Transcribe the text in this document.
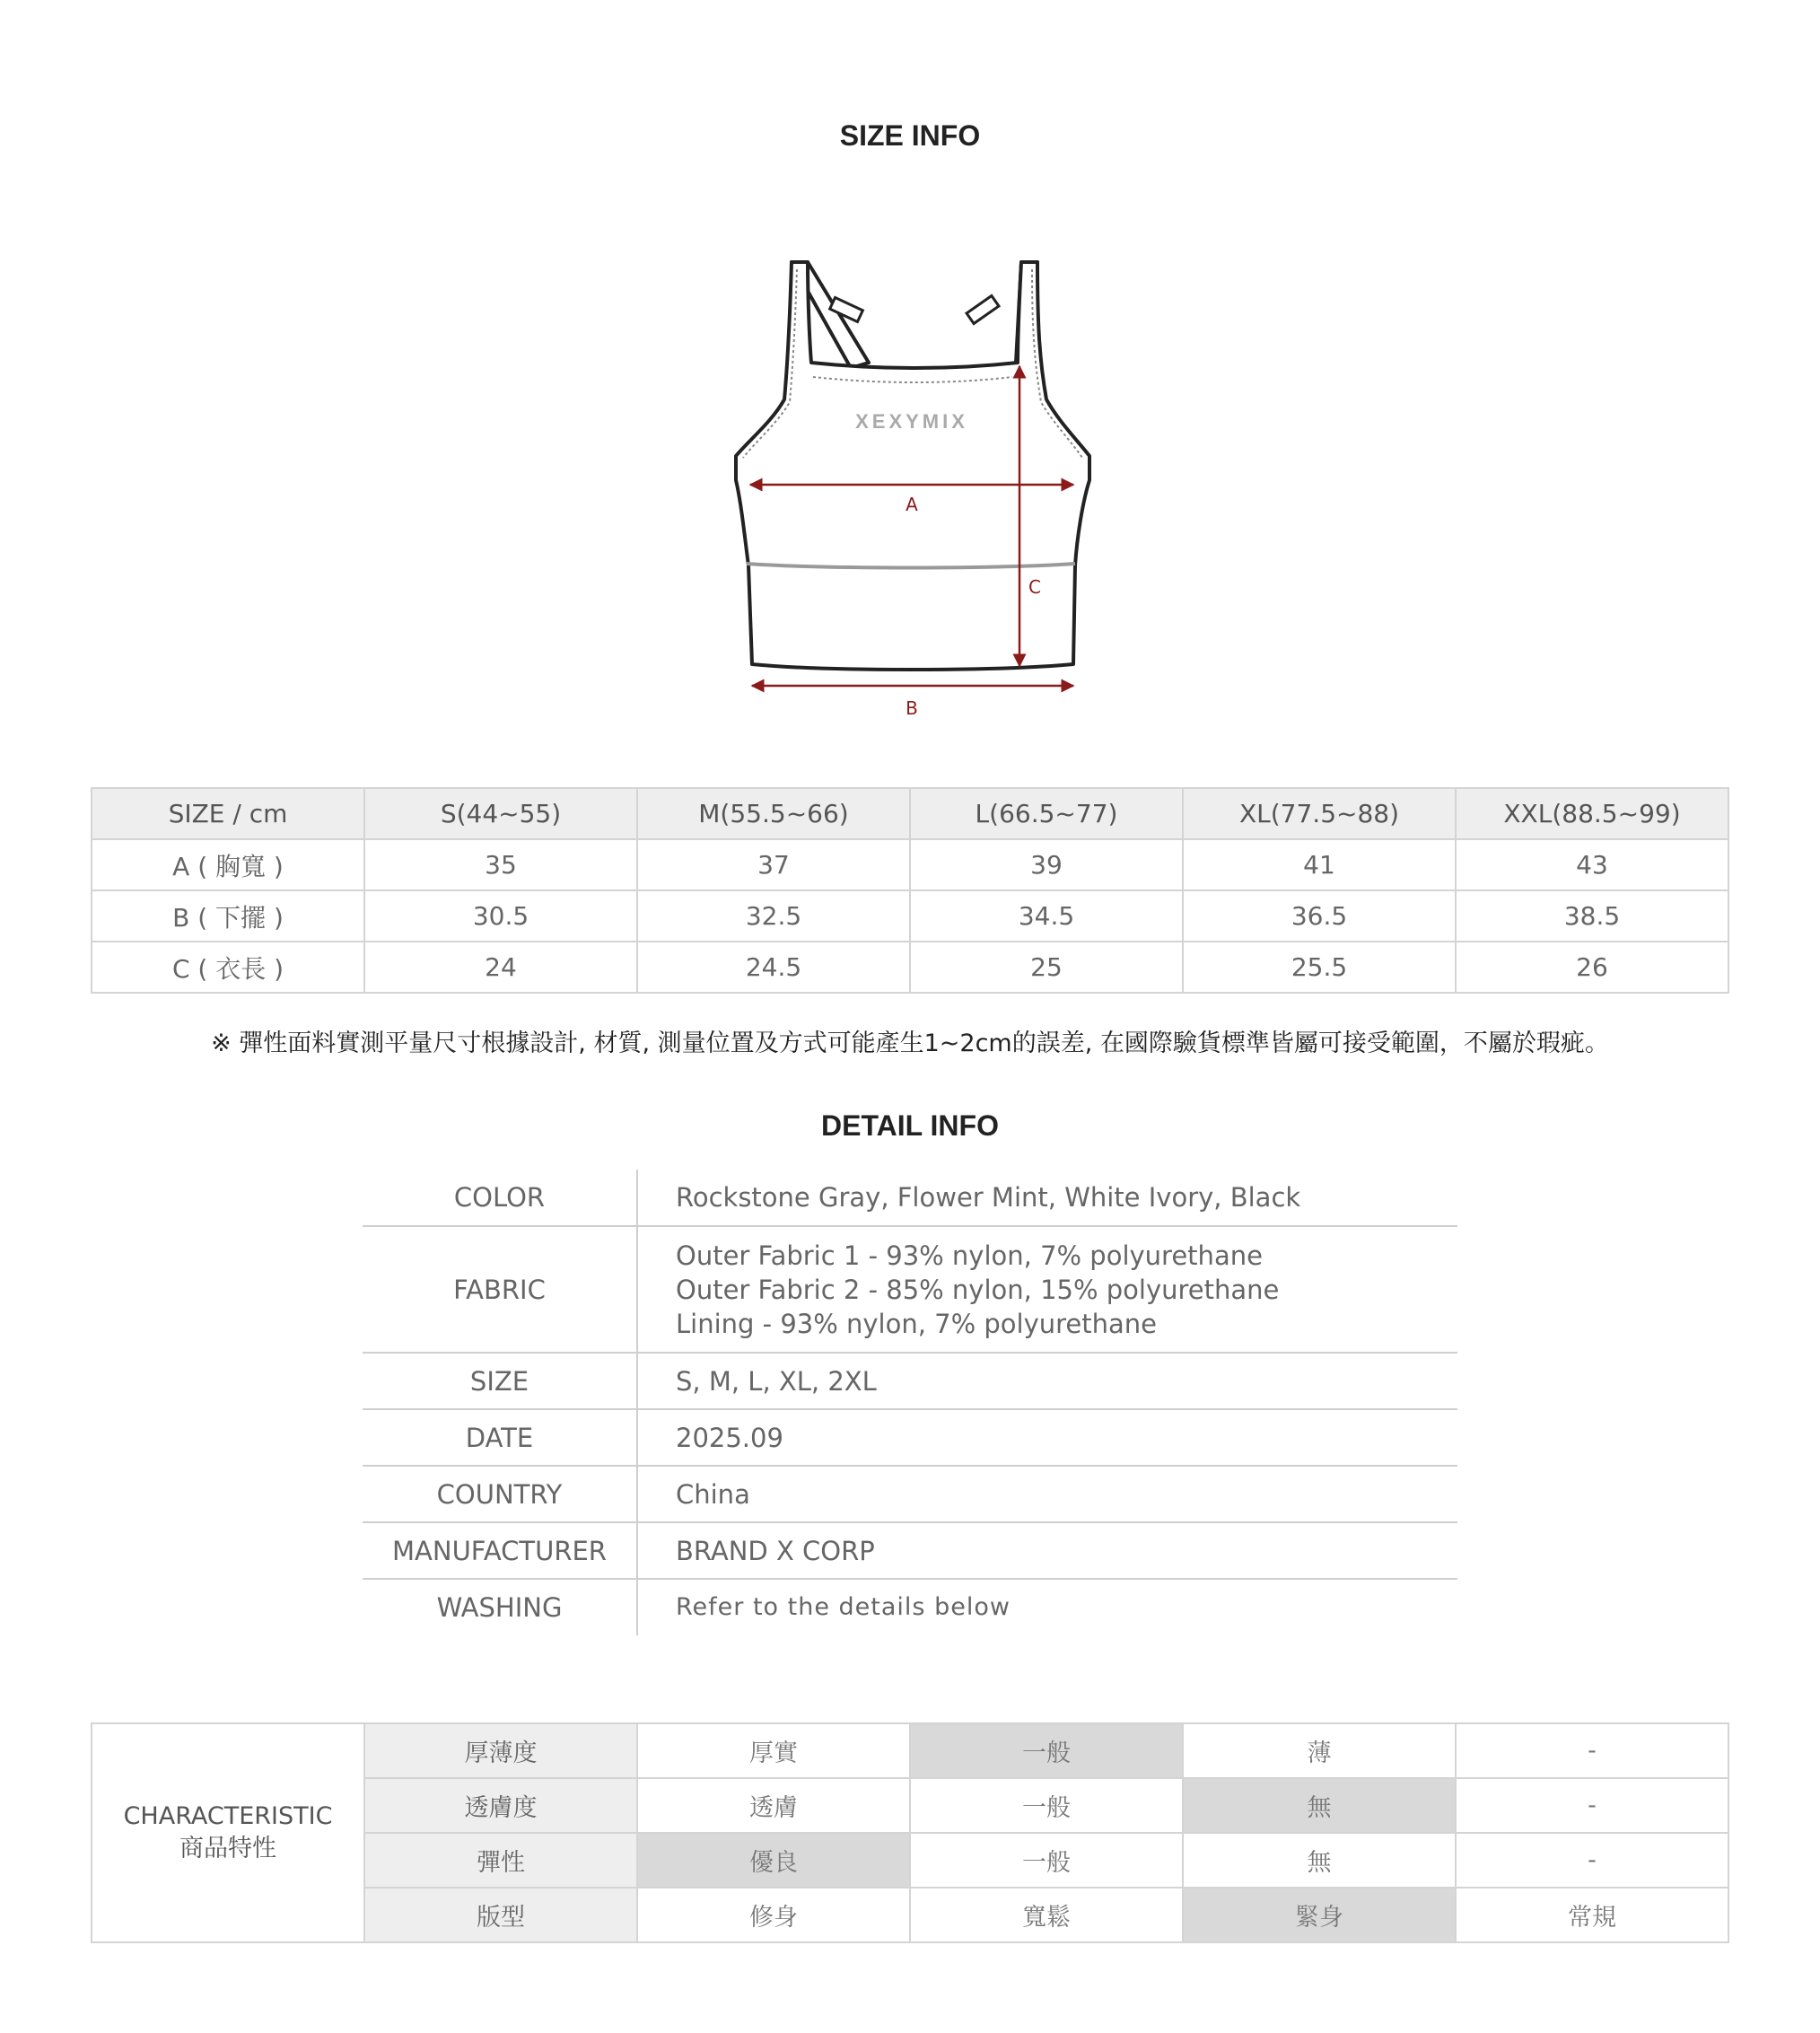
SIZE INFO
XEXYMIX
A
C
B
SIZE / cm	S(44~55)	M(55.5~66)	L(66.5~77)	XL(77.5~88)	XXL(88.5~99)
A ( 胸寬 )	35	37	39	41	43
B ( 下擺 )	30.5	32.5	34.5	36.5	38.5
C ( 衣長 )	24	24.5	25	25.5	26
※ 彈性面料實測平量尺寸根據設計, 材質, 測量位置及方式可能產生1~2cm的誤差, 在國際驗貨標準皆屬可接受範圍，不屬於瑕疵。
DETAIL INFO
COLOR	Rockstone Gray, Flower Mint, White Ivory, Black

FABRIC	Outer Fabric 1 - 93% nylon, 7% polyurethane
Outer Fabric 2 - 85% nylon, 15% polyurethane
Lining - 93% nylon, 7% polyurethane

SIZE	S, M, L, XL, 2XL

DATE	2025.09

COUNTRY	China

MANUFACTURER	BRAND X CORP

WASHING	Refer to the details below
CHARACTERISTIC
商品特性	厚薄度	厚實	一般	薄	-
	透膚度	透膚	一般	無	-
	彈性	優良	一般	無	-
	版型	修身	寬鬆	緊身	常規
